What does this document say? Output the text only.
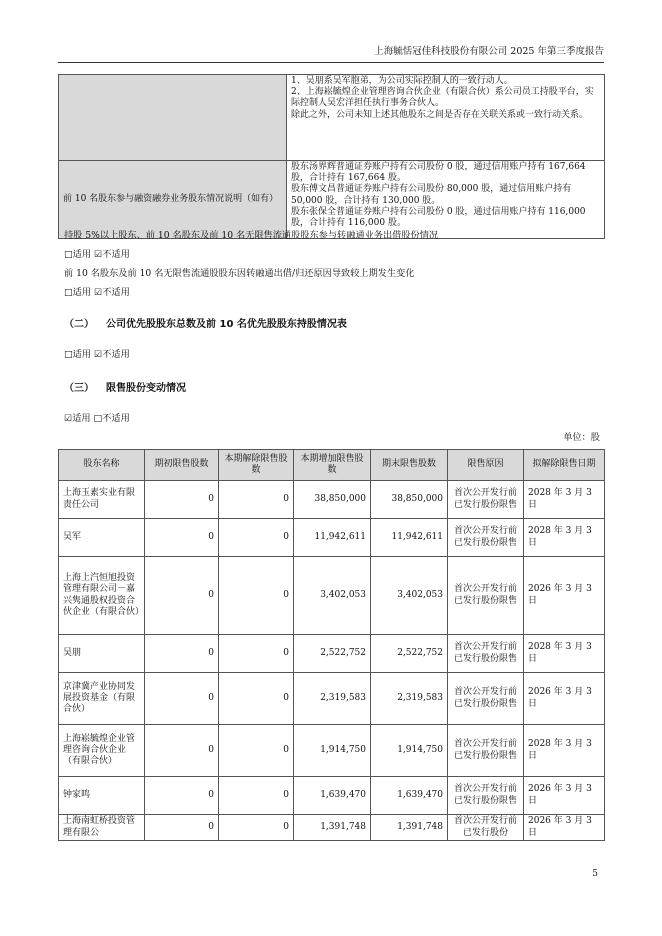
上海毓恬冠佳科技股份有限公司 2025 年第三季度报告
	1、吴朋系吴军胞弟，为公司实际控制人的一致行动人。
2、上海崧毓煌企业管理咨询合伙企业（有限合伙）系公司员工持股平台，实际控制人吴宏洋担任执行事务合伙人。
除此之外，公司未知上述其他股东之间是否存在关联关系或一致行动关系。
前 10 名股东参与融资融券业务股东情况说明（如有）	股东汤界辉普通证券账户持有公司股份 0 股，通过信用账户持有 167,664 股，合计持有 167,664 股。
股东傅文昌普通证券账户持有公司股份 80,000 股，通过信用账户持有 50,000 股，合计持有 130,000 股。
股东张保全普通证券账户持有公司股份 0 股，通过信用账户持有 116,000 股，合计持有 116,000 股。
持股 5%以上股东、前 10 名股东及前 10 名无限售流通股股东参与转融通业务出借股份情况
□适用 ☑不适用
前 10 名股东及前 10 名无限售流通股股东因转融通出借/归还原因导致较上期发生变化
□适用 ☑不适用
（二） 公司优先股股东总数及前 10 名优先股股东持股情况表
□适用 ☑不适用
（三） 限售股份变动情况
☑适用 □不适用
单位：股
股东名称	期初限售股数	本期解除限售股数	本期增加限售股数	期末限售股数	限售原因	拟解除限售日期
上海玉素实业有限责任公司	0	0	38,850,000	38,850,000	首次公开发行前已发行股份限售	2028 年 3 月 3 日
吴军	0	0	11,942,611	11,942,611	首次公开发行前已发行股份限售	2028 年 3 月 3 日
上海上汽恒旭投资管理有限公司－嘉兴隽通股权投资合伙企业（有限合伙）	0	0	3,402,053	3,402,053	首次公开发行前已发行股份限售	2026 年 3 月 3 日
吴朋	0	0	2,522,752	2,522,752	首次公开发行前已发行股份限售	2028 年 3 月 3 日
京津冀产业协同发展投资基金（有限合伙）	0	0	2,319,583	2,319,583	首次公开发行前已发行股份限售	2026 年 3 月 3 日
上海崧毓煌企业管理咨询合伙企业（有限合伙）	0	0	1,914,750	1,914,750	首次公开发行前已发行股份限售	2028 年 3 月 3 日
钟家鸣	0	0	1,639,470	1,639,470	首次公开发行前已发行股份限售	2026 年 3 月 3 日
上海南虹桥投资管理有限公	0	0	1,391,748	1,391,748	首次公开发行前已发行股份	2026 年 3 月 3 日
5
